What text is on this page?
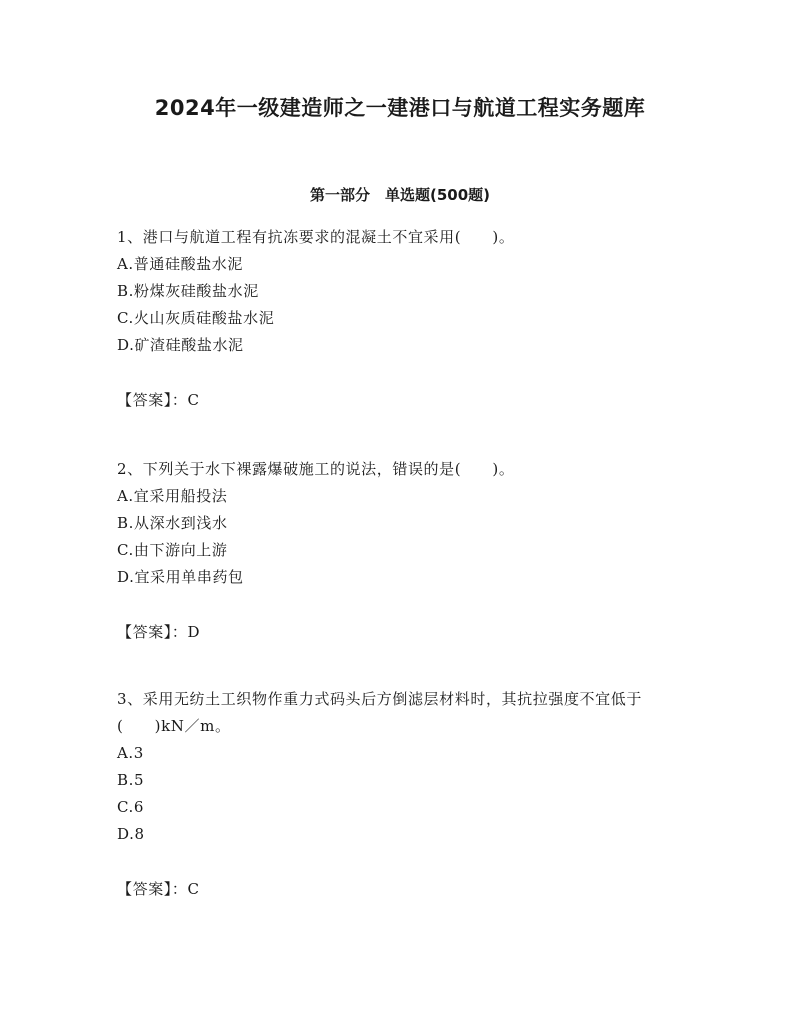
2024年一级建造师之一建港口与航道工程实务题库
第一部分　单选题(500题)
1、港口与航道工程有抗冻要求的混凝土不宜采用(　　)。
A.普通硅酸盐水泥
B.粉煤灰硅酸盐水泥
C.火山灰质硅酸盐水泥
D.矿渣硅酸盐水泥
【答案】：C
2、下列关于水下裸露爆破施工的说法，错误的是(　　)。
A.宜采用船投法
B.从深水到浅水
C.由下游向上游
D.宜采用单串药包
【答案】：D
3、采用无纺土工织物作重力式码头后方倒滤层材料时，其抗拉强度不宜低于(　　)kN／m。
A.3
B.5
C.6
D.8
【答案】：C
